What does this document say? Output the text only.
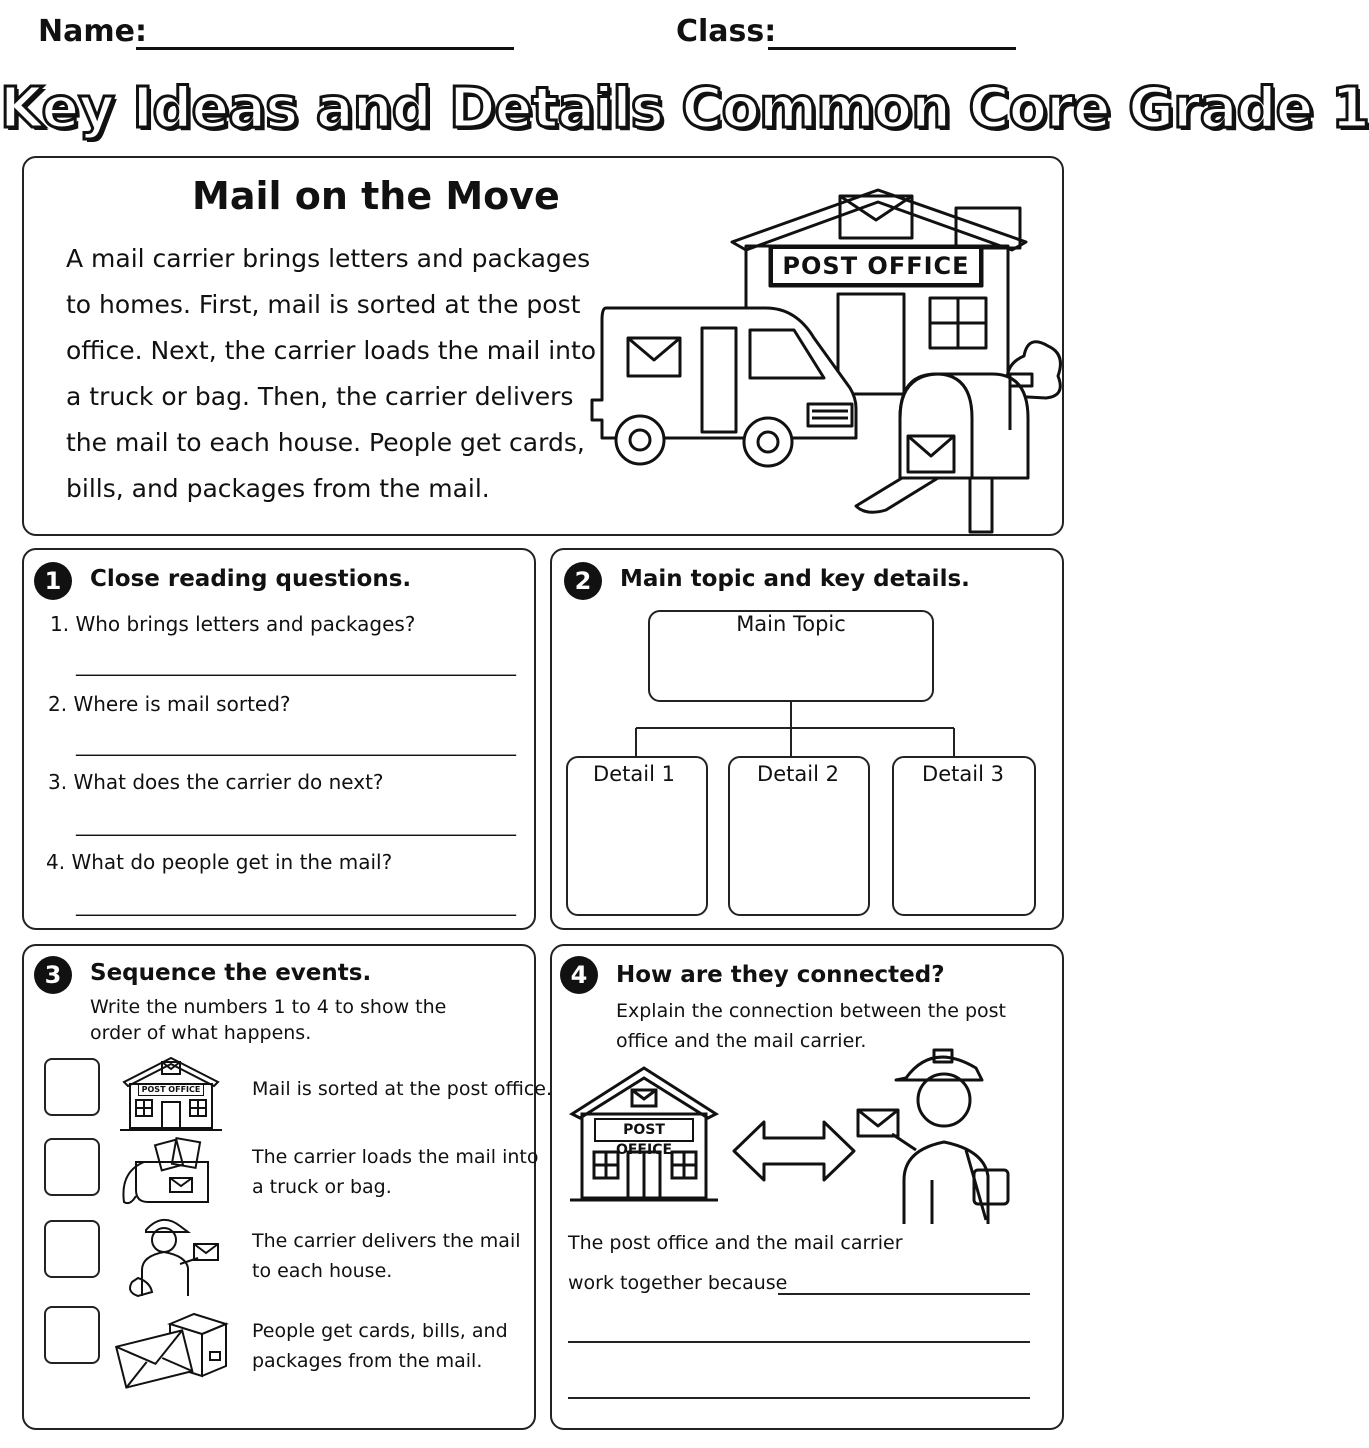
Name:	Class:
Key Ideas and Details Common Core Grade 1
Mail on the Move
A mail carrier brings letters and packages
to homes. First, mail is sorted at the post
office. Next, the carrier loads the mail into
a truck or bag. Then, the carrier delivers
the mail to each house. People get cards,
bills, and packages from the mail.
POST OFFICE
1	Close reading questions.
1. Who brings letters and packages?
____________________________________________
2. Where is mail sorted?
____________________________________________
3. What does the carrier do next?
____________________________________________
4. What do people get in the mail?
____________________________________________
2	Main topic and key details.
Main Topic
Detail 1	Detail 2	Detail 3
3	Sequence the events.
Write the numbers 1 to 4 to show the
order of what happens.
POST OFFICE	Mail is sorted at the post office.
The carrier loads the mail into
a truck or bag.
The carrier delivers the mail
to each house.
People get cards, bills, and
packages from the mail.
4	How are they connected?
Explain the connection between the post
office and the mail carrier.
POST OFFICE
The post office and the mail carrier
work together because
